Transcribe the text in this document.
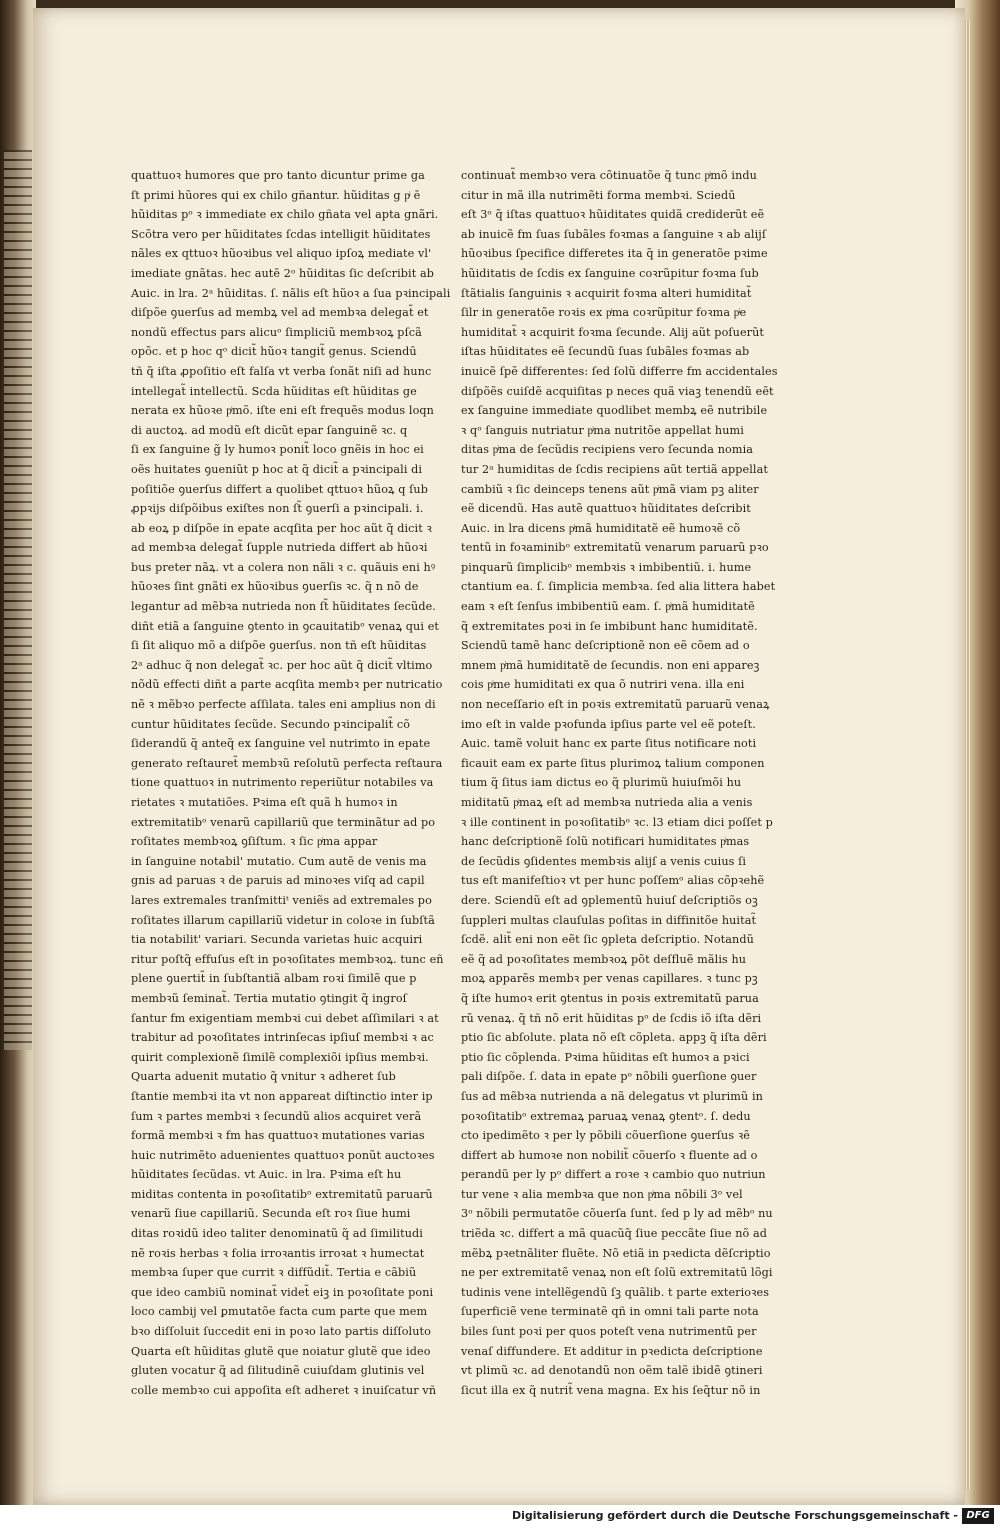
quattuoꝛ humores que pro tanto dicuntur prime ga
ſt primi hũores qui ex chilo gñantur. hũiditas g pͥ ē
hũiditas pᵒ ꝛ immediate ex chilo gñata vel apta gnãri.
Scõtra vero per hũiditates ſcdas intelligit hũiditates
nãles ex qttuoꝛ hũoꝛibus vel aliquo ipſoꝝ mediate vl'
imediate gnãtas. hec autē 2ᵒ hũiditas ſic deſcribit ab
Auic. in lra. 2ᵃ hũiditas. ſ. nãlis eſt hũoꝛ a ſua pꝛincipali
diſpõe ꝯuerſus ad membꝝ vel ad membꝛa delegat̃ et
nondũ effectus pars alicuᵒ ſimpliciũ membꝛoꝝ pſcã
opõc. et p hoc qᵒ dicit̃ hũoꝛ tangit̃ genus. Sciendū
tñ q̃ iſta ꝓpoſitio eſt falſa vt verba ſonãt niſi ad hunc
intellegat̃ intellectũ. Scda hũiditas eſt hũiditas ge
nerata ex hũoꝛe pͥmõ. iſte eni eſt frequẽs modus loqn
di auctoꝝ. ad modũ eſt dicũt epar ſanguinẽ ꝛc. q
ſi ex ſanguine g̃ ly humoꝛ ponit̃ loco gnẽis in hoc ei
oẽs huitates ꝯueniũt p hoc at q̃ dicit̃ a pꝛincipali di
poſitiõe ꝯuerſus differt a quolibet qttuoꝛ hũoꝝ q ſub
ꝓpꝛijs diſpõibus exiſtes non ſt̃ ꝯuerſi a pꝛincipali. i.
ab eoꝝ p diſpõe in epate acqſita per hoc aũt q̃ dicit ꝛ
ad membꝛa delegat̃ ſupple nutrieda differt ab hũoꝛi
bus preter nãꝝ. vt a colera non nãli ꝛ c. quãuis eni hꝰ
hũoꝛes ſint gnãti ex hũoꝛibus ꝯuerſis ꝛc. q̃ n nõ de
legantur ad mẽbꝛa nutrieda non ſt̃ hũiditates ſecũde.
diñt etiã a ſanguine ꝯtento in ꝯcauitatibᵒ venaꝝ qui et
ſi ſit aliquo mõ a diſpõe ꝯuerſus. non tñ eſt hũiditas
2ᵃ adhuc q̃ non delegat̃ ꝛc. per hoc aũt q̃ dicit̃ vltimo
nõdũ effecti diñt a parte acqſita membꝛ per nutricatio
nẽ ꝛ mẽbꝛo perfecte aſſilata. tales eni amplius non di
cuntur hũiditates ſecũde. Secundo pꝛincipalit̃ cõ
ſiderandũ q̃ anteq̃ ex ſanguine vel nutrimto in epate
generato reſtauret̃ membꝛũ reſolutũ perfecta reſtaura
tione quattuoꝛ in nutrimento reperiũtur notabiles va
rietates ꝛ mutatiões. Pꝛima eſt quã h humoꝛ in
extremitatibᵒ venarũ capillariũ que terminãtur ad po
roſitates membꝛoꝝ ꝯſiſtum. ꝛ ſic pͥma appar
in ſanguine notabil' mutatio. Cum autē de venis ma
gnis ad paruas ꝛ de paruis ad minoꝛes viſq ad capil
lares extremales tranſmittiᵗ veniẽs ad extremales po
roſitates illarum capillariũ videtur in coloꝛe in ſubſtã
tia notabilit' variari. Secunda varietas huic acquiri
ritur poſtq̃ effuſus eſt in poꝛoſitates membꝛoꝝ. tunc eñ
plene ꝯuertit̃ in ſubſtantiã albam roꝛi ſimilẽ que p
membꝛũ ſeminat̃. Tertia mutatio ꝯtingit q̃ ingroſ
ſantur fm exigentiam membꝛi cui debet aſſimilari ꝛ at
trabitur ad poꝛoſitates intrinſecas ipſiuſ membꝛi ꝛ ac
quirit complexionẽ ſimilẽ complexiõi ipſius membꝛi.
Quarta aduenit mutatio q̃ vnitur ꝛ adheret ſub
ſtantie membꝛi ita vt non appareat diſtinctio inter ip
ſum ꝛ partes membꝛi ꝛ ſecundũ alios acquiret verã
formã membꝛi ꝛ fm has quattuoꝛ mutationes varias
huic nutrimẽto aduenientes quattuoꝛ ponũt auctoꝛes
hũiditates ſecũdas. vt Auic. in lra. Pꝛima eſt hu
miditas contenta in poꝛoſitatibᵒ extremitatũ paruarũ
venarũ ſiue capillariũ. Secunda eſt roꝛ ſiue humi
ditas roꝛidũ ideo taliter denominatũ q̃ ad ſimilitudi
nẽ roꝛis herbas ꝛ folia irroꝛantis irroꝛat ꝛ humectat
membꝛa ſuper que currit ꝛ diffũdit̃. Tertia e cãbiũ
que ideo cambiũ nominat̃ videt̃ eiꝫ in poꝛoſitate poni
loco cambij vel ꝑmutatõe facta cum parte que mem
bꝛo diſſoluit ſuccedit eni in poꝛo lato partis diſſoluto
Quarta eſt hũiditas glutẽ que noiatur glutẽ que ideo
gluten vocatur q̃ ad ſilitudinẽ cuiuſdam glutinis vel
colle membꝛo cui appoſita eſt adheret ꝛ inuiſcatur vñ
continuat̃ membꝛo vera cõtinuatõe q̃ tunc pͥmõ indu
citur in mã illa nutrimẽti forma membꝛi. Sciedū
eſt 3ᵒ q̃ iſtas quattuoꝛ hũiditates quidã crediderũt eẽ
ab inuicẽ fm ſuas ſubãles foꝛmas a ſanguine ꝛ ab alijſ
hũoꝛibus ſpecifice differetes ita q̃ in generatõe pꝛime
hũiditatis de ſcdis ex ſanguine coꝛrũpitur foꝛma ſub
ſtãtialis ſanguinis ꝛ acquirit foꝛma alteri humiditat̃
ſilr in generatõe roꝛis ex pͥma coꝛrũpitur foꝛma pͥe
humiditat̃ ꝛ acquirit foꝛma ſecunde. Alij aũt poſuerũt
iſtas hũiditates eẽ ſecundũ ſuas ſubãles foꝛmas ab
inuicẽ ſpẽ differentes: ſed ſolũ differre fm accidentales
diſpõẽs cuiſdẽ acquiſitas p neces quã viaꝫ tenendũ eẽt
ex ſanguine immediate quodlibet membꝝ eẽ nutribile
ꝛ qᵒ ſanguis nutriatur pͥma nutritõe appellat humi
ditas pͥma de ſecũdis recipiens vero ſecunda nomia
tur 2ᵃ humiditas de ſcdis recipiens aũt tertiã appellat
cambiũ ꝛ ſic deinceps tenens aũt pͥmã viam pꝫ aliter
eẽ dicendũ. Has autẽ quattuoꝛ hũiditates deſcribit
Auic. in lra dicens pͥmã humiditatẽ eẽ humoꝛẽ cõ
tentũ in foꝛaminibᵒ extremitatũ venarum paruarũ pꝛo
pinquarũ ſimplicibᵒ membꝛis ꝛ imbibentiũ. i. hume
ctantium ea. ſ. ſimplicia membꝛa. ſed alia littera habet
eam ꝛ eſt ſenſus imbibentiũ eam. ſ. pͥmã humiditatẽ
q̃ extremitates poꝛi in ſe imbibunt hanc humiditatẽ.
Sciendũ tamẽ hanc deſcriptionẽ non eẽ cõem ad o
mnem pͥmã humiditatẽ de ſecundis. non eni appareꝫ
cois pͥme humiditati ex qua õ nutriri vena. illa eni
non neceſſario eſt in poꝛis extremitatũ paruarũ venaꝝ
imo eſt in valde pꝛofunda ipſius parte vel eẽ poteſt.
Auic. tamẽ voluit hanc ex parte ſitus notificare noti
ficauit eam ex parte ſitus plurimoꝝ talium componen
tium q̃ ſitus iam dictus eo q̃ plurimũ huiuſmõi hu
miditatũ pͥmaꝝ eſt ad membꝛa nutrieda alia a venis
ꝛ ille continent in poꝛoſitatibᵒ ꝛc. l3 etiam dici poſſet p
hanc deſcriptionẽ ſolũ notificari humiditates pͥmas
de ſecũdis ꝯſidentes membꝛis alijſ a venis cuius ſi
tus eſt manifeſtioꝛ vt per hunc poſſemᵒ alias cõpꝛehẽ
dere. Sciendũ eſt ad ꝯplementũ huiuſ deſcriptiõs oꝫ
ſuppleri multas clauſulas poſitas in diffinitõe huitat̃
ſcdẽ. alit̃ eni non eẽt ſic ꝯpleta deſcriptio. Notandũ
eẽ q̃ ad poꝛoſitates membꝛoꝝ põt deſfluẽ mãlis hu
moꝝ apparẽs membꝛ per venas capillares. ꝛ tunc pꝫ
q̃ iſte humoꝛ erit ꝯtentus in poꝛis extremitatũ parua
rũ venaꝝ. q̃ tñ nõ erit hũiditas pᵒ de ſcdis iõ iſta dẽri
ptio ſic abſolute. plata nõ eſt cõpleta. appꝫ q̃ iſta dẽri
ptio ſic cõplenda. Pꝛima hũiditas eſt humoꝛ a pꝛici
pali diſpõe. ſ. data in epate pᵒ nõbili ꝯuerſione ꝯuer
ſus ad mẽbꝛa nutrienda a nã delegatus vt plurimũ in
poꝛoſitatibᵒ extremaꝝ paruaꝝ venaꝝ ꝯtentᵒ. ſ. dedu
cto ipedimẽto ꝛ per ly põbili cõuerſione ꝯuerſus ꝛẽ
differt ab humoꝛe non nobilit̃ cõuerſo ꝛ fluente ad o
perandũ per ly pᵒ differt a roꝛe ꝛ cambio quo nutriun
tur vene ꝛ alia membꝛa que non pͥma nõbili 3ᵒ vel
3ᵒ nõbili permutatõe cõuerſa ſunt. ſed p ly ad mẽbᵒ nu
triẽda ꝛc. differt a mã quacũq̃ ſiue peccãte ſiue nõ ad
mẽbꝝ pꝛetnãliter fluẽte. Nõ etiã in pꝛedicta dẽſcriptio
ne per extremitatẽ venaꝝ non eſt ſolũ extremitatũ lõgi
tudinis vene intellẽgendũ ſꝫ quãlib. t parte exterioꝛes
ſuperficiẽ vene terminatẽ qñ in omni tali parte nota
biles ſunt poꝛi per quos poteſt vena nutrimentũ per
venaſ diffundere. Et additur in pꝛedicta deſcriptione
vt plimũ ꝛc. ad denotandũ non oẽm talẽ ibidẽ ꝯtineri
ſicut illa ex q̃ nutrit̃ vena magna. Ex his ſeq̃tur nõ in
Digitalisierung gefördert durch die Deutsche Forschungsgemeinschaft - DFG
